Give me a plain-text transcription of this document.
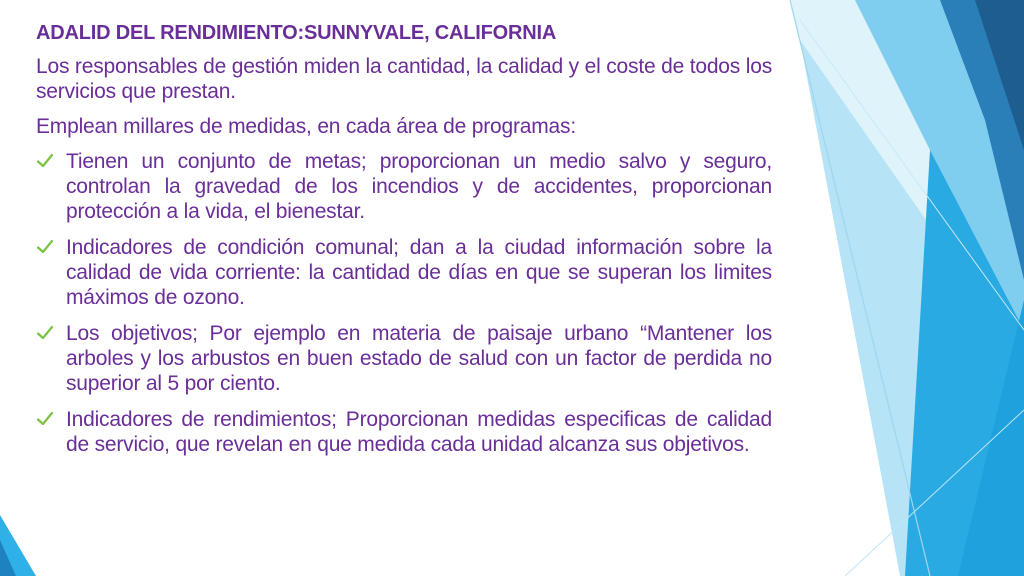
ADALID DEL RENDIMIENTO:SUNNYVALE, CALIFORNIA

Los responsables de gestión miden la cantidad, la calidad y el coste de todos los servicios que prestan.

Emplean millares de medidas, en cada área de programas:

Tienen un conjunto de metas; proporcionan un medio salvo y seguro, controlan la gravedad de los incendios y de accidentes, proporcionan protección a la vida, el bienestar.
Indicadores de condición comunal; dan a la ciudad información sobre la calidad de vida corriente: la cantidad de días en que se superan los limites máximos de ozono.
Los objetivos; Por ejemplo en materia de paisaje urbano “Mantener los arboles y los arbustos en buen estado de salud con un factor de perdida no superior al 5 por ciento.
Indicadores de rendimientos; Proporcionan medidas especificas de calidad de servicio, que revelan en que medida cada unidad alcanza sus objetivos.
